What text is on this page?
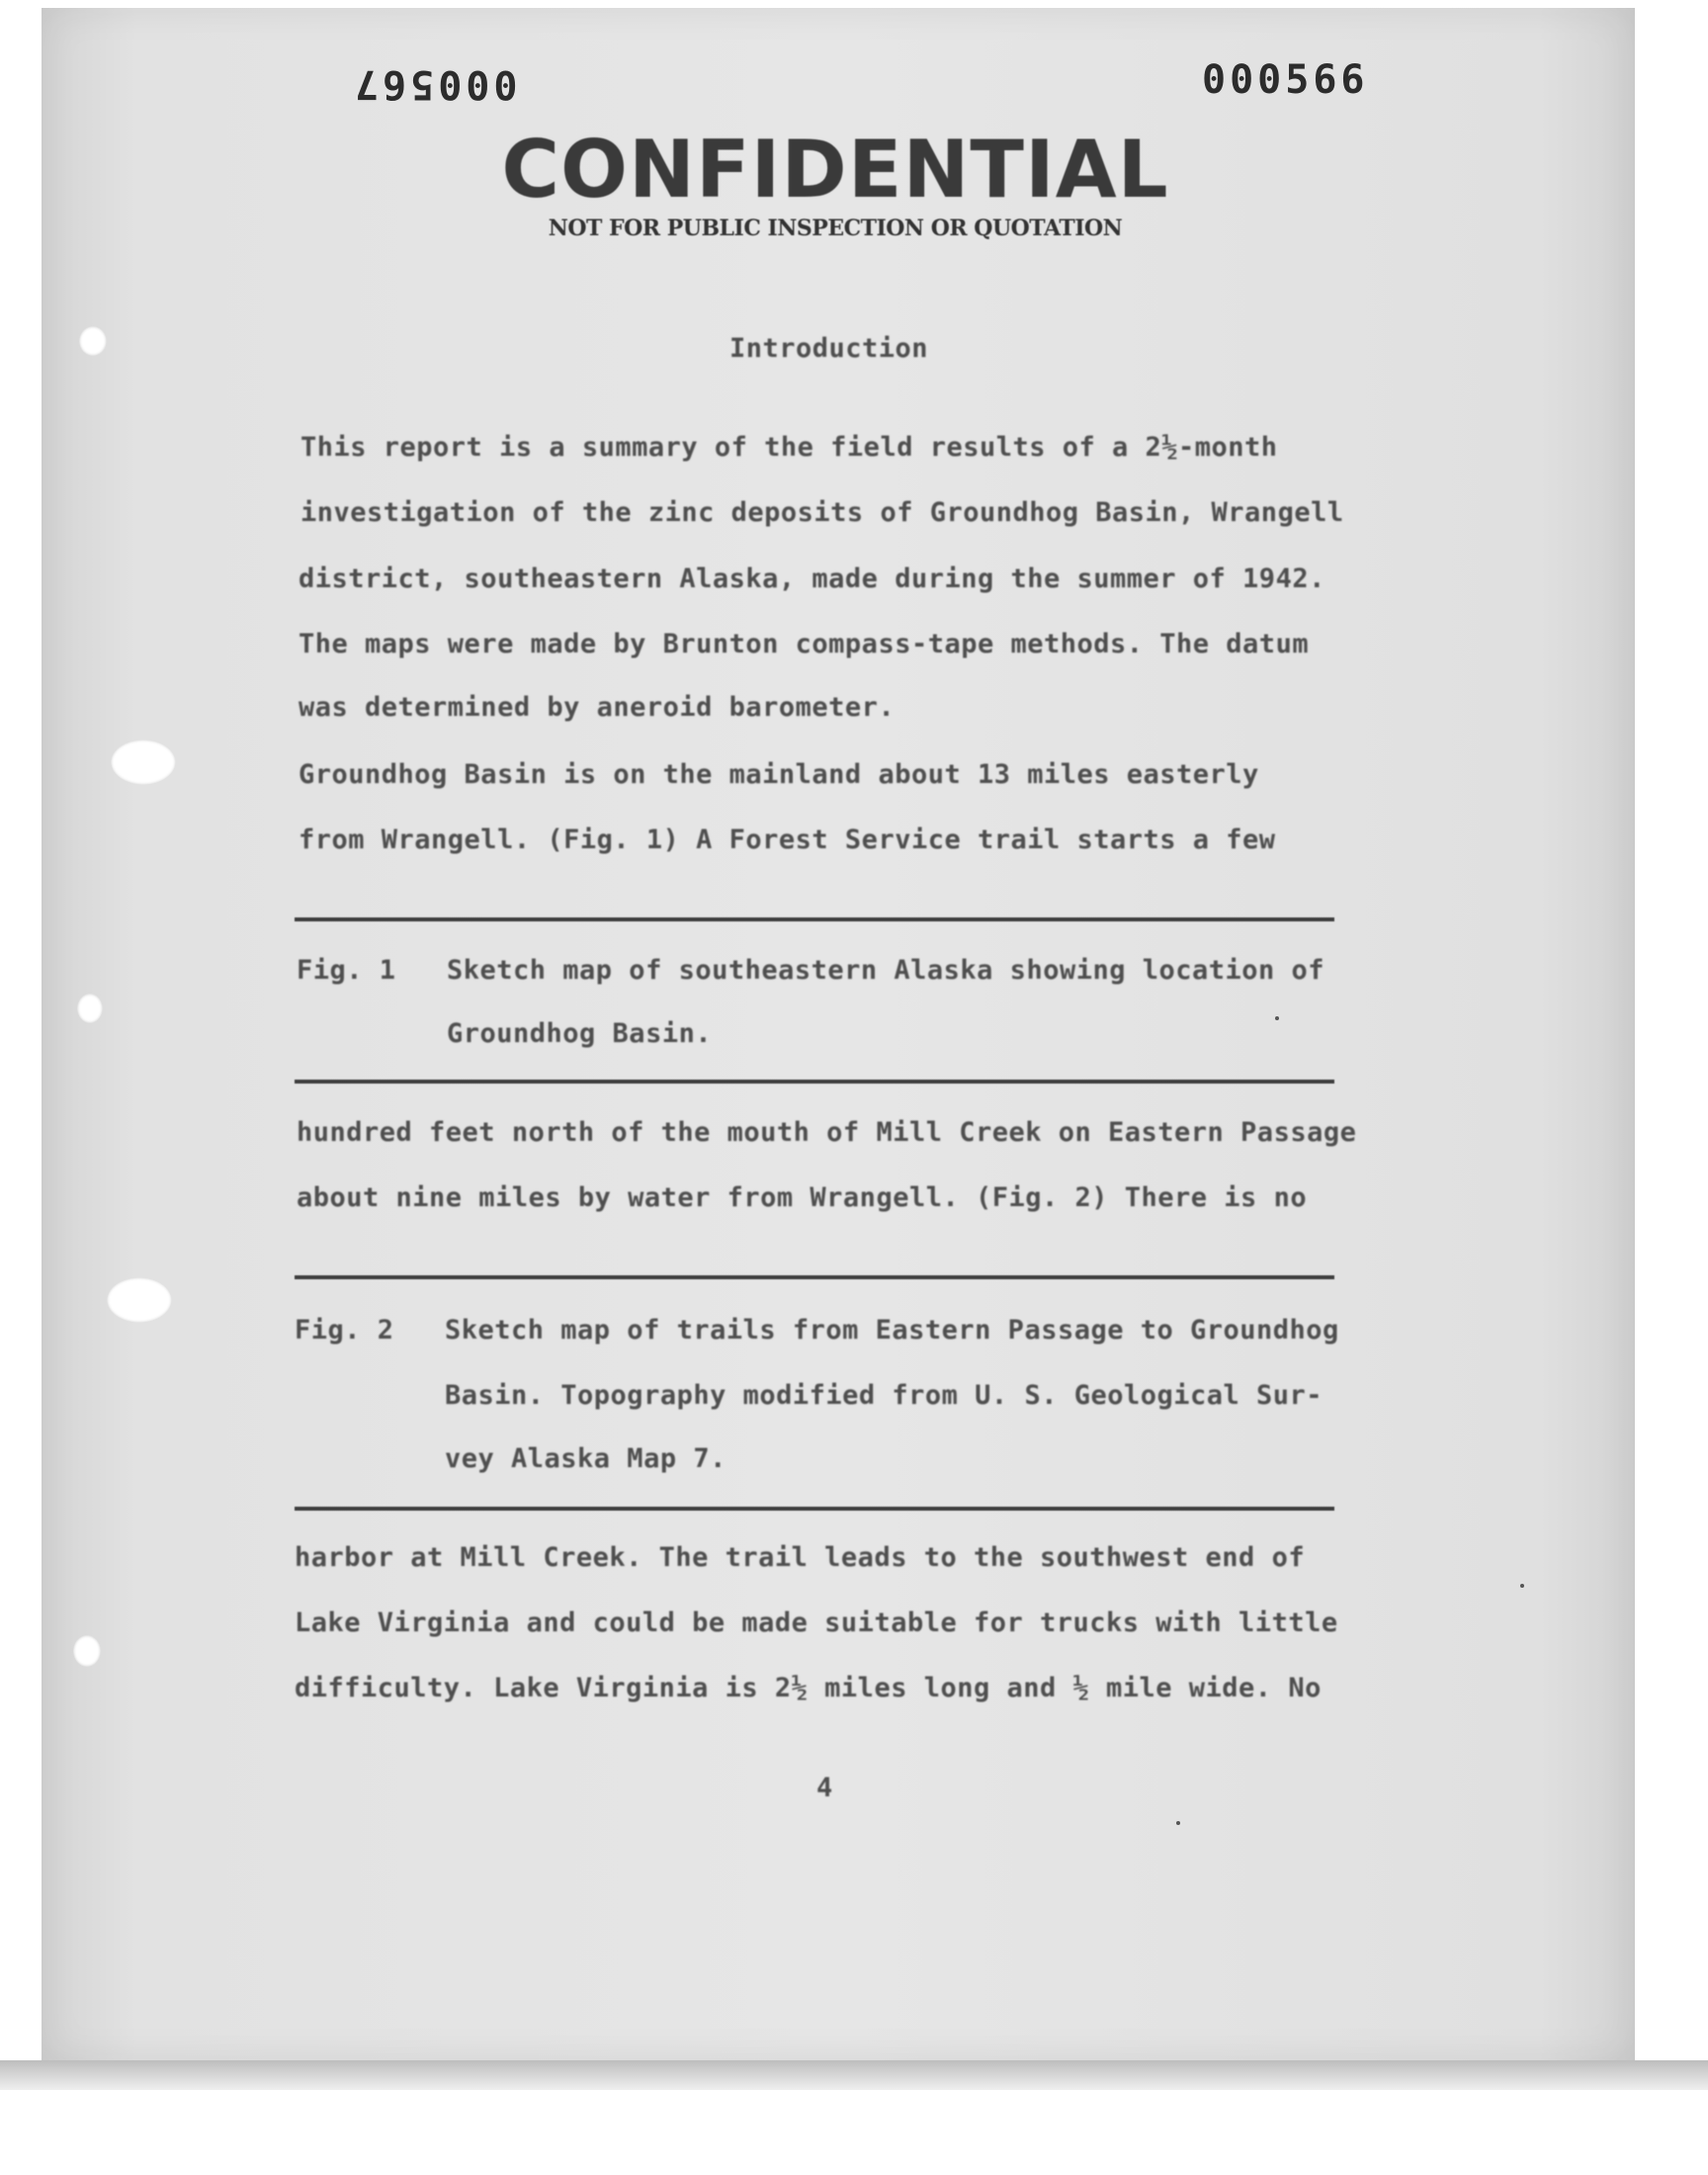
000567	000566
CONFIDENTIAL
NOT FOR PUBLIC INSPECTION OR QUOTATION
Introduction
This report is a summary of the field results of a 2½-month
investigation of the zinc deposits of Groundhog Basin, Wrangell
district, southeastern Alaska, made during the summer of 1942.
The maps were made by Brunton compass-tape methods. The datum
was determined by aneroid barometer.
Groundhog Basin is on the mainland about 13 miles easterly
from Wrangell. (Fig. 1) A Forest Service trail starts a few
Fig. 1 Sketch map of southeastern Alaska showing location of
Groundhog Basin.
hundred feet north of the mouth of Mill Creek on Eastern Passage
about nine miles by water from Wrangell. (Fig. 2) There is no
Fig. 2 Sketch map of trails from Eastern Passage to Groundhog
Basin. Topography modified from U. S. Geological Sur-
vey Alaska Map 7.
harbor at Mill Creek. The trail leads to the southwest end of
Lake Virginia and could be made suitable for trucks with little
difficulty. Lake Virginia is 2½ miles long and ½ mile wide. No
4
